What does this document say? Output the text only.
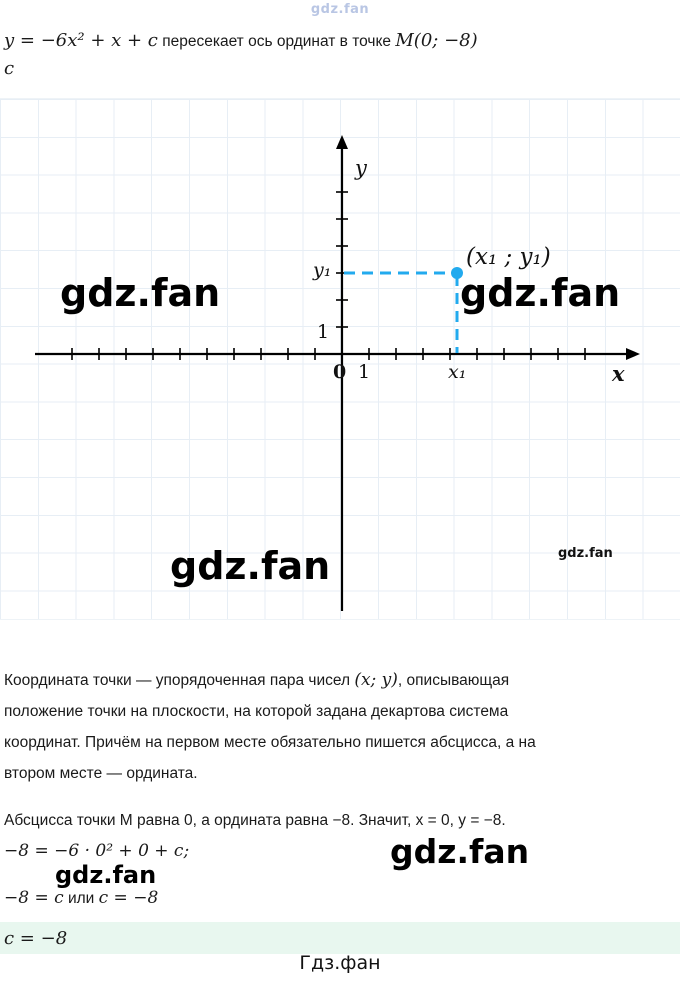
gdz.fan
y = −6x² + x + c пересекает ось ординат в точке M(0; −8)
c
y
x
y₁
x₁
1
1
0
(x₁ ; y₁)
gdz.fan	gdz.fan
gdz.fan	gdz.fan
Координата точки — упорядоченная пара чисел (x; y), описывающая
положение точки на плоскости, на которой задана декартова система
координат. Причём на первом месте обязательно пишется абсцисса, а на
втором месте — ордината.
Абсцисса точки M равна 0, а ордината равна −8. Значит, x = 0, y = −8.
−8 = −6 · 0² + 0 + c;
−8 = c или c = −8
gdz.fan
gdz.fan
c = −8
Гдз.фан
